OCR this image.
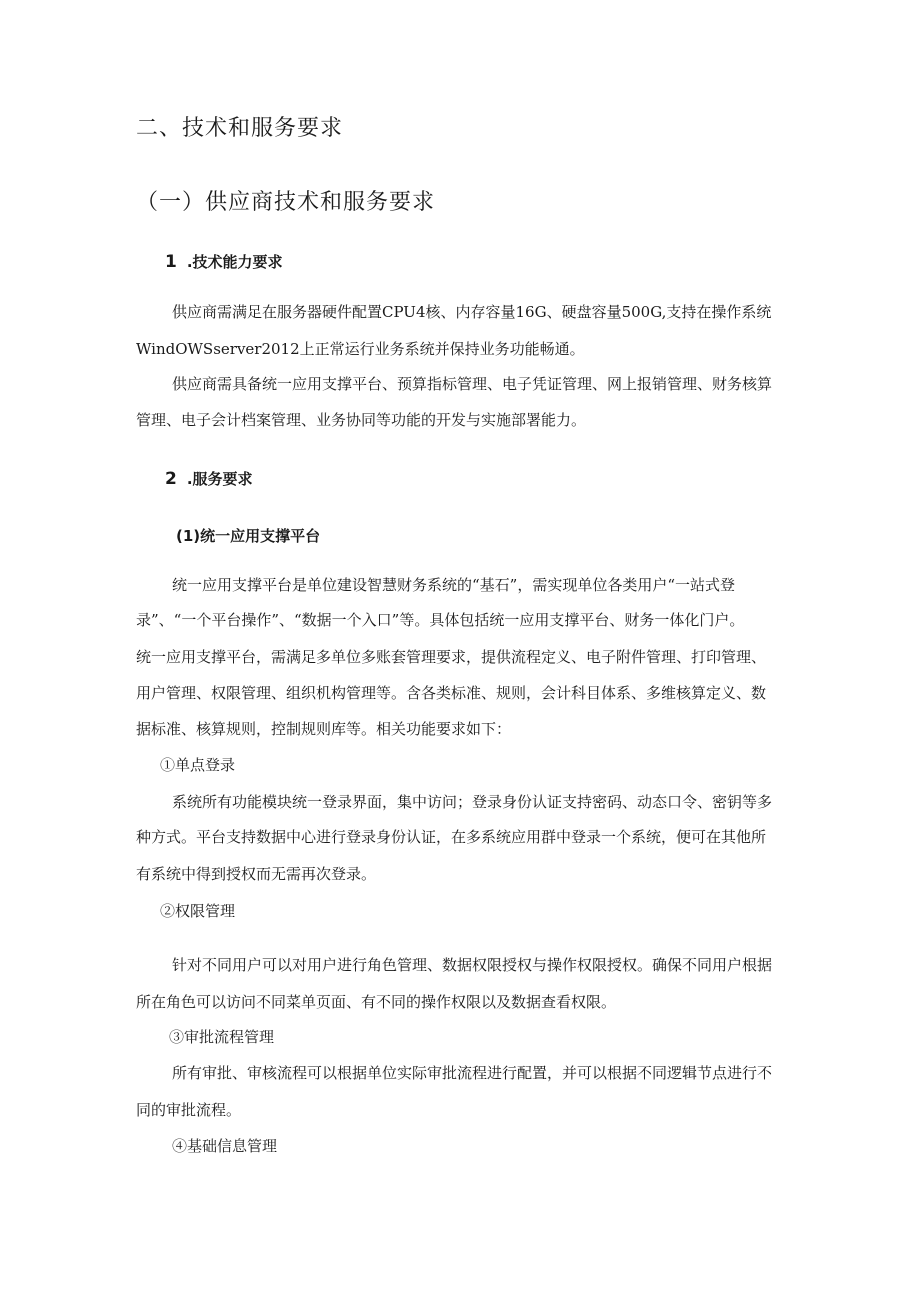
二、技术和服务要求
（一）供应商技术和服务要求
1 .技术能力要求
供应商需满足在服务器硬件配置CPU4核、内存容量16G、硬盘容量500G,支持在操作系统
WindOWSserver2012上正常运行业务系统并保持业务功能畅通。
供应商需具备统一应用支撑平台、预算指标管理、电子凭证管理、网上报销管理、财务核算
管理、电子会计档案管理、业务协同等功能的开发与实施部署能力。
2 .服务要求
(1)统一应用支撑平台
统一应用支撑平台是单位建设智慧财务系统的“基石”，需实现单位各类用户“一站式登
录”、“一个平台操作”、“数据一个入口”等。具体包括统一应用支撑平台、财务一体化门户。
统一应用支撑平台，需满足多单位多账套管理要求，提供流程定义、电子附件管理、打印管理、
用户管理、权限管理、组织机构管理等。含各类标准、规则，会计科目体系、多维核算定义、数
据标准、核算规则，控制规则库等。相关功能要求如下：
①单点登录
系统所有功能模块统一登录界面，集中访问；登录身份认证支持密码、动态口令、密钥等多
种方式。平台支持数据中心进行登录身份认证，在多系统应用群中登录一个系统，便可在其他所
有系统中得到授权而无需再次登录。
②权限管理
针对不同用户可以对用户进行角色管理、数据权限授权与操作权限授权。确保不同用户根据
所在角色可以访问不同菜单页面、有不同的操作权限以及数据查看权限。
③审批流程管理
所有审批、审核流程可以根据单位实际审批流程进行配置，并可以根据不同逻辑节点进行不
同的审批流程。
④基础信息管理
